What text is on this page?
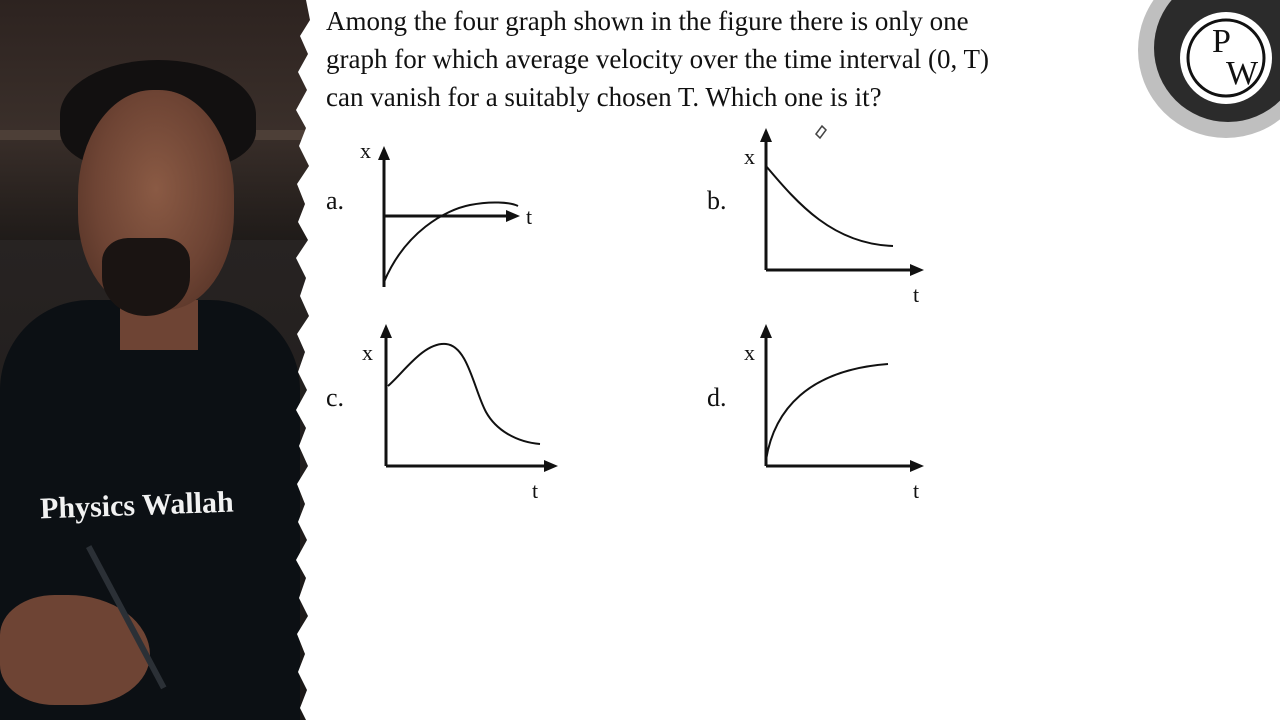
Physics Wallah
Among the four graph shown in the figure there is only one
graph for which average velocity over the time interval (0, T)
can vanish for a suitably chosen T. Which one is it?
P
W
a.
x
t
b.
x
t
c.
x
t
d.
x
t
